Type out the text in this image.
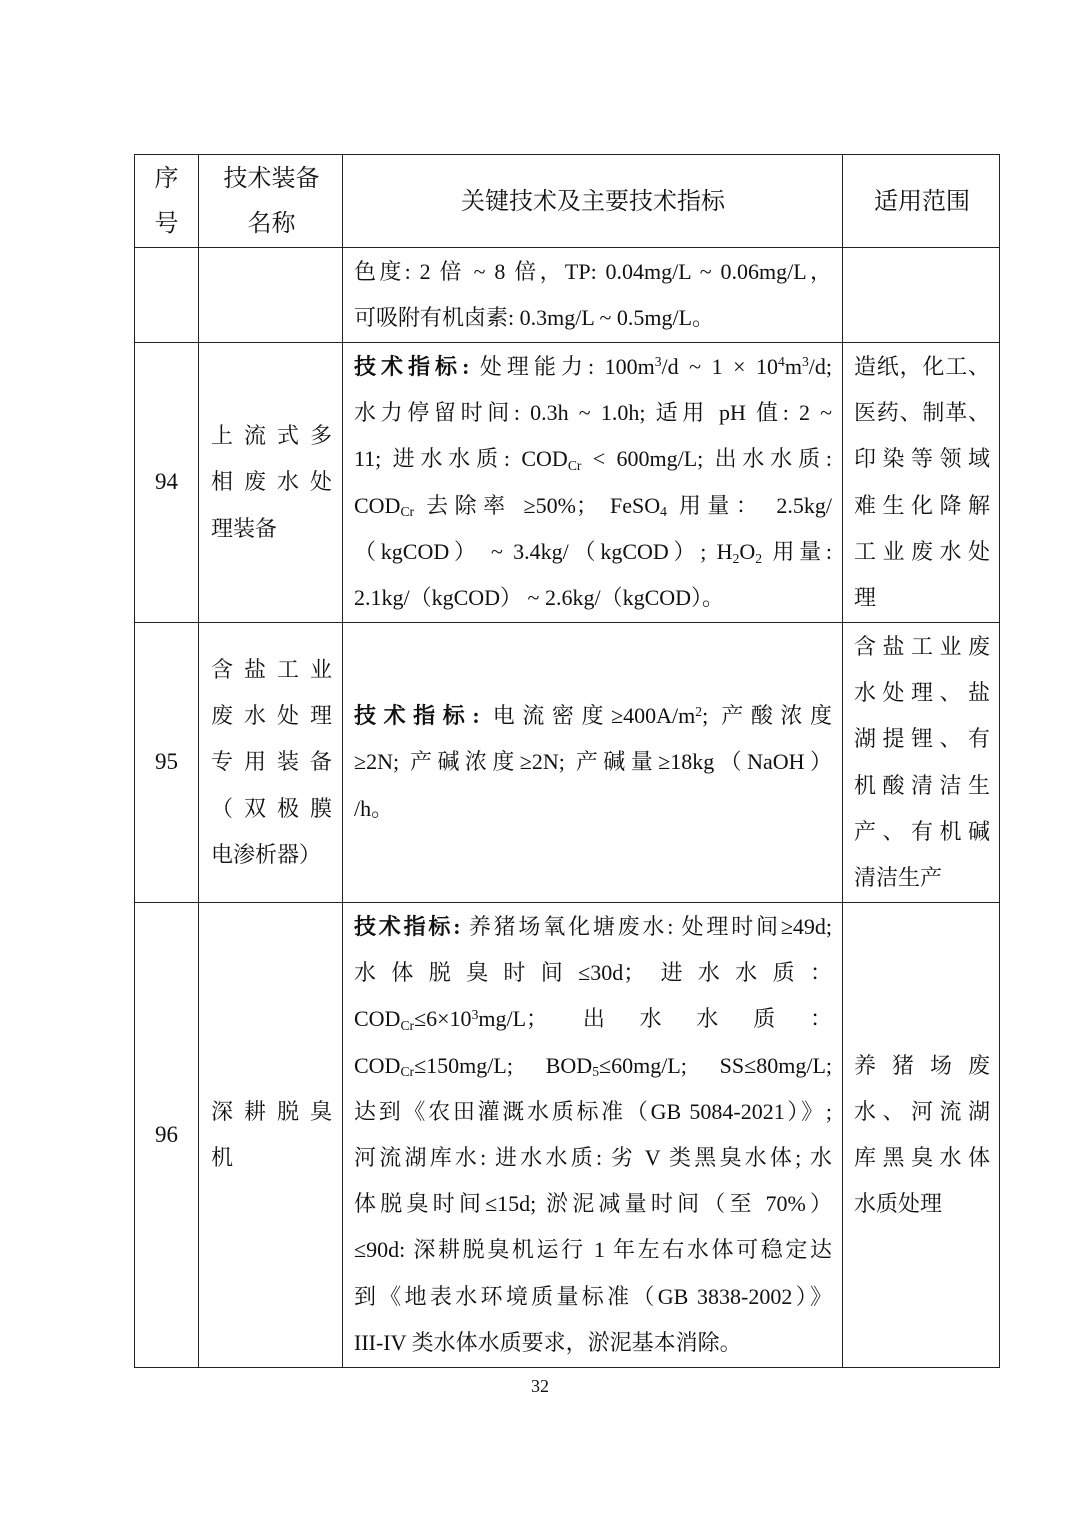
序
号
技术装备
名称
关键技术及主要技术指标	适用范围
色度: 2 倍 ~ 8 倍，TP: 0.04mg/L ~ 0.06mg/L，
可吸附有机卤素: 0.3mg/L ~ 0.5mg/L。
94
上流式多
相废水处
理装备
技术指标: 处理能力: $100m^3/d$ ~ $1 \times 10^4m^3/d$;
水力停留时间: 0.3h ~ 1.0h; 适用 pH 值: 2 ~
11; 进水水质: $COD_{Cr} < 600mg/L$; 出水水质:
$COD_{Cr}$ 去除率 ≥50%； FeSO$_4$ 用量： 2.5kg/
（kgCOD） ~ 3.4kg/（kgCOD）; $H_2O_2$ 用量:
2.1kg/（kgCOD） ~ 2.6kg/（kgCOD）。
造纸，化工、
医药、制革、
印染等领域
难生化降解
工业废水处
理
95
含盐工业
废水处理
专用装备
（双极膜
电渗析器）
技术指标: 电流密度$\ge 400A/m^2$; 产酸浓度
≥2N; 产碱浓度≥2N; 产碱量≥18kg（NaOH）
/h。
含盐工业废
水处理、盐
湖提锂、有
机酸清洁生
产、有机碱
清洁生产
96
深耕脱臭
机
技术指标: 养猪场氧化塘废水: 处理时间≥49d;
水体脱臭时间≤30d；进水水质：
$COD_{Cr}\le 6\times 10^3mg/L$；出水水质：
$COD_{Cr}\le 150mg/L$; $BOD_5\le 60mg/L$; SS≤80mg/L;
达到《农田灌溉水质标准（GB 5084-2021）》;
河流湖库水: 进水水质: 劣 V 类黑臭水体; 水
体脱臭时间≤15d; 淤泥减量时间（至 70%）
≤90d: 深耕脱臭机运行 1 年左右水体可稳定达
到《地表水环境质量标准（GB 3838-2002）》
III-IV 类水体水质要求，淤泥基本消除。
养猪场废
水、河流湖
库黑臭水体
水质处理
32
